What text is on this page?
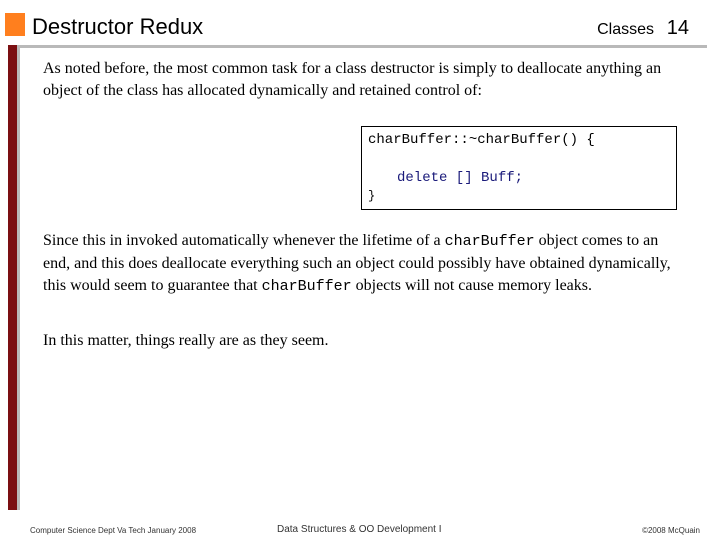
Destructor Redux	Classes 14

As noted before, the most common task for a class destructor is simply to deallocate anything an object of the class has allocated dynamically and retained control of:

charBuffer::~charBuffer() {
delete [] Buff;
}

Since this in invoked automatically whenever the lifetime of a charBuffer object comes to an end, and this does deallocate everything such an object could possibly have obtained dynamically, this would seem to guarantee that charBuffer objects will not cause memory leaks.

In this matter, things really are as they seem.

Computer Science Dept Va Tech January 2008	Data Structures & OO Development I	©2008 McQuain
